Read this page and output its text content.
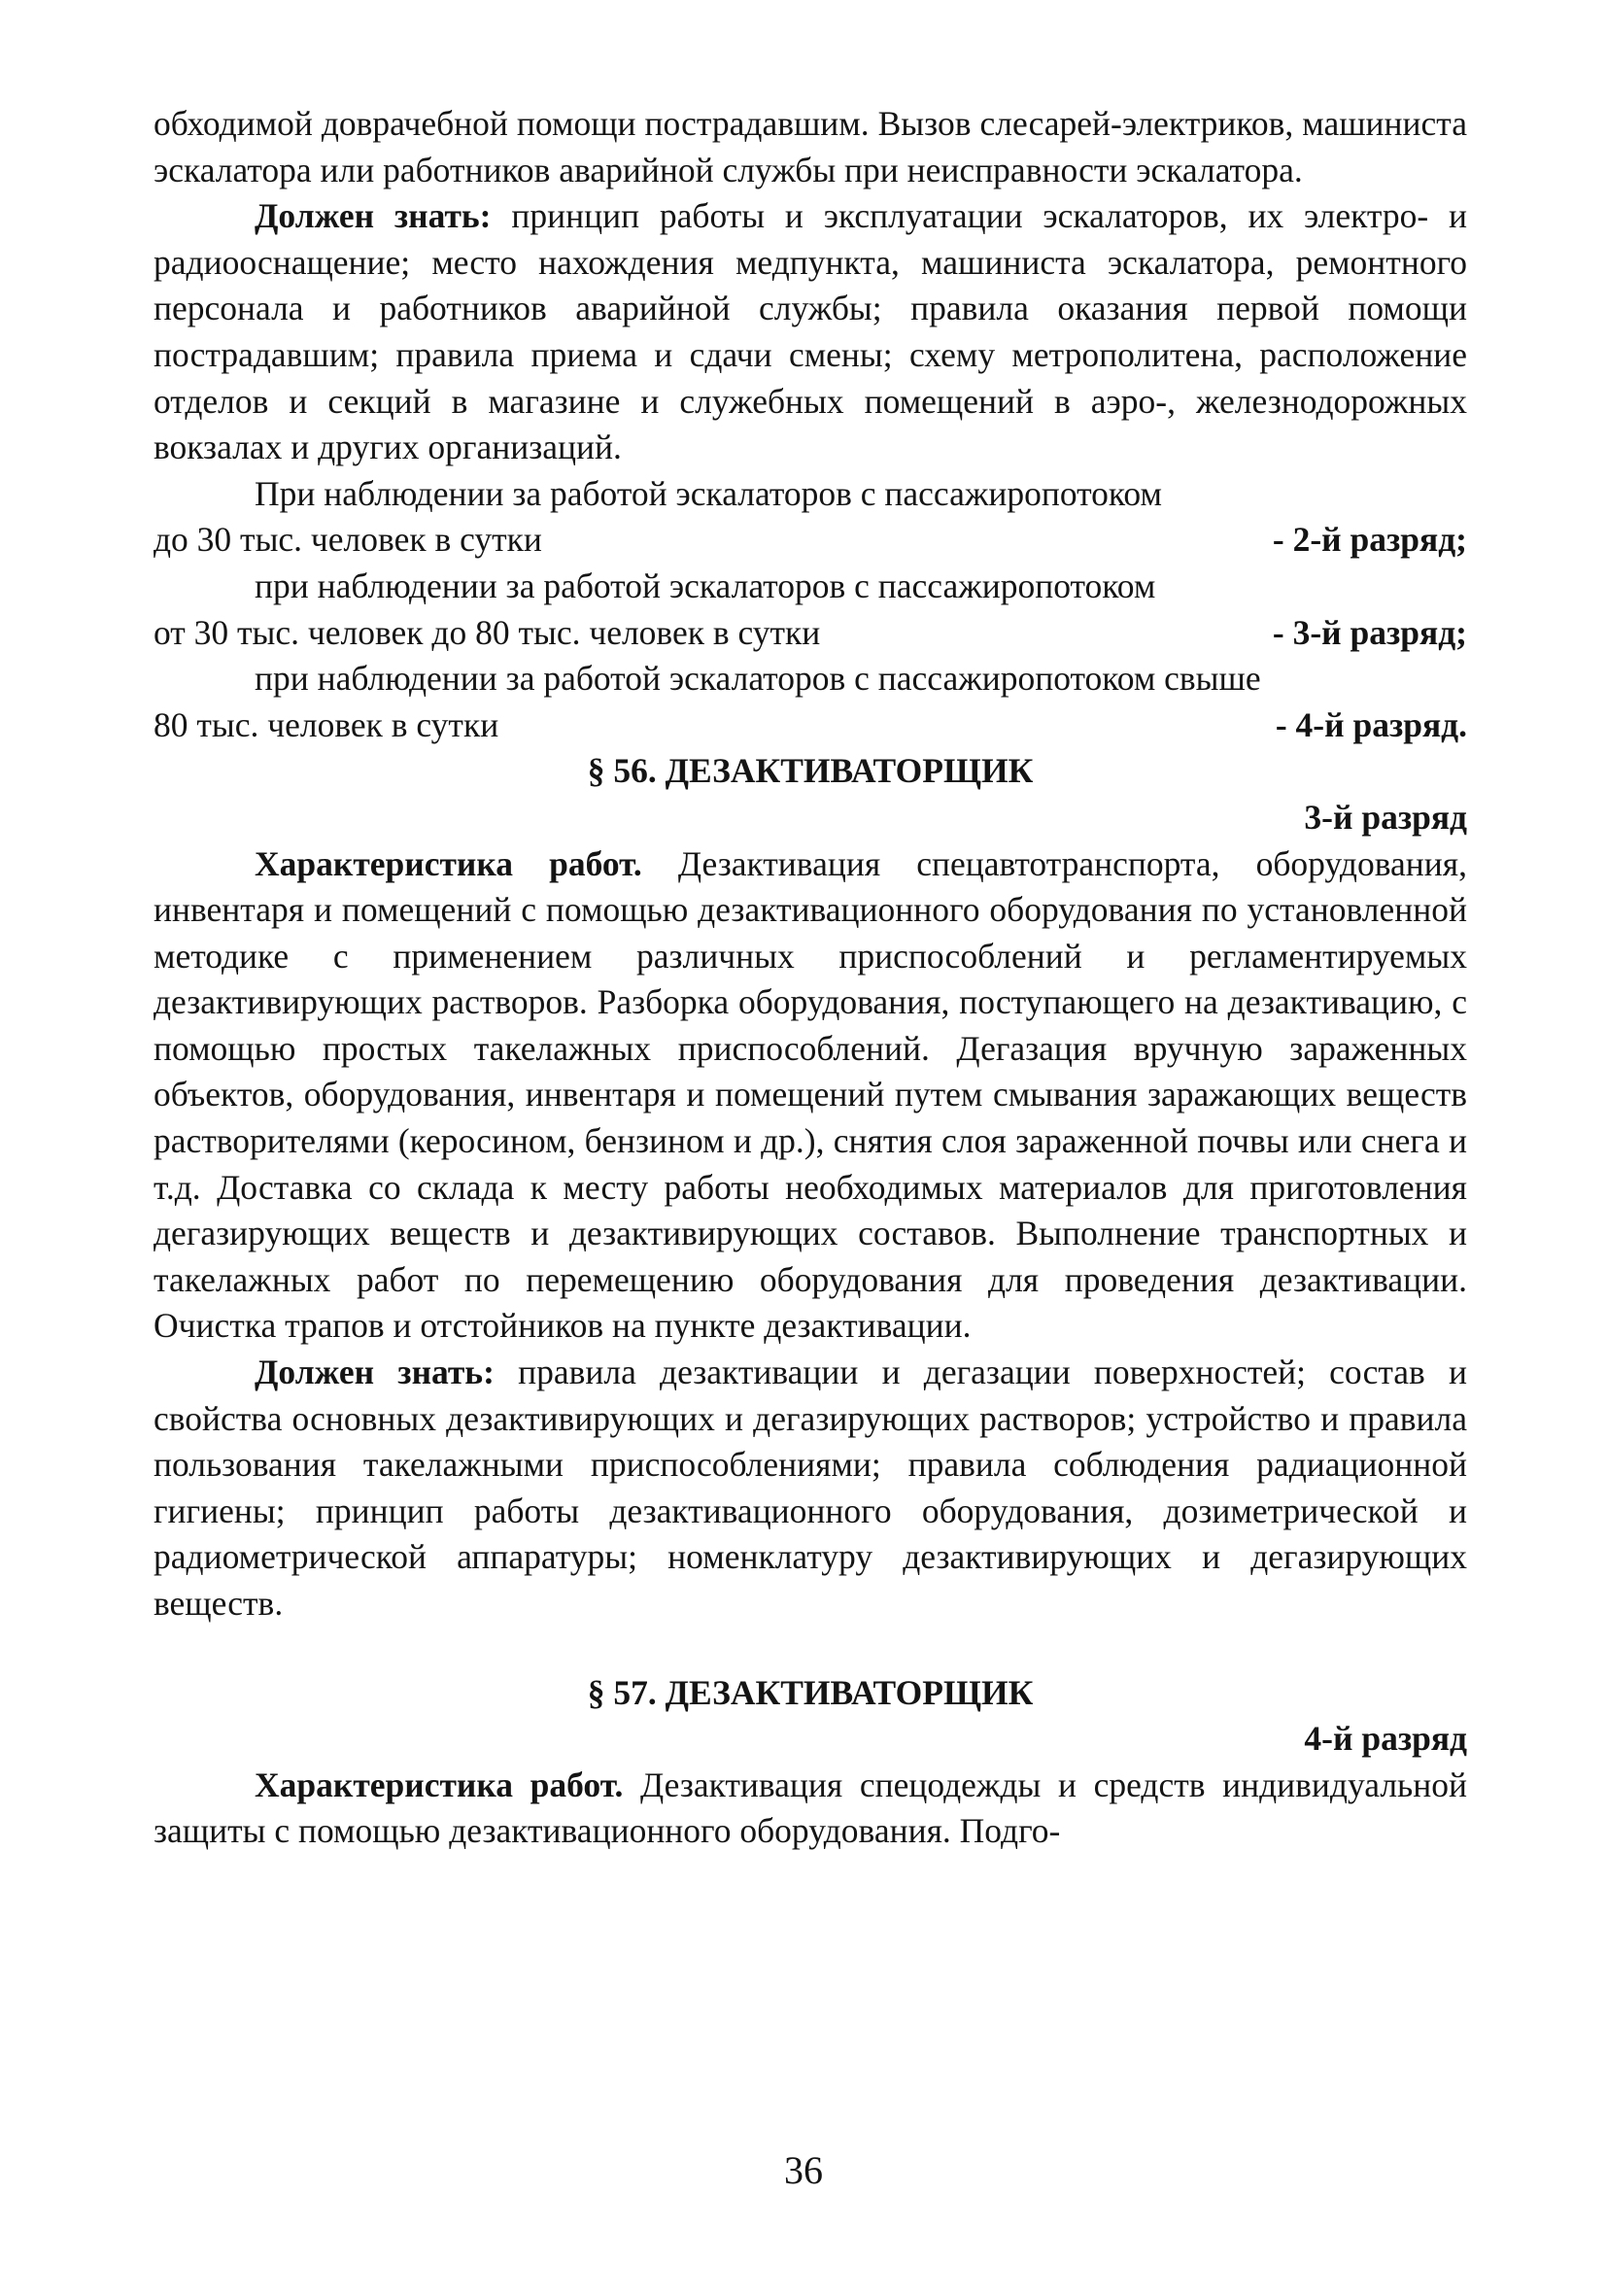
обходимой доврачебной помощи пострадавшим. Вызов слесарей-электриков, машиниста эскалатора или работников аварийной службы при неисправности эскалатора.

Должен знать: принцип работы и эксплуатации эскалаторов, их электро- и радиооснащение; место нахождения медпункта, машиниста эскалатора, ремонтного персонала и работников аварийной службы; правила оказания первой помощи пострадавшим; правила приема и сдачи смены; схему метрополитена, расположение отделов и секций в магазине и служебных помещений в аэро-, железнодорожных вокзалах и других организаций.

При наблюдении за работой эскалаторов с пассажиропотоком

до 30 тыс. человек в сутки	- 2-й разряд;

при наблюдении за работой эскалаторов с пассажиропотоком

от 30 тыс. человек до 80 тыс. человек в сутки	- 3-й разряд;

при наблюдении за работой эскалаторов с пассажиропотоком свыше

80 тыс. человек в сутки	- 4-й разряд.
§ 56. ДЕЗАКТИВАТОРЩИК
3-й разряд

Характеристика работ. Дезактивация спецавтотранспорта, оборудования, инвентаря и помещений с помощью дезактивационного оборудования по установленной методике с применением различных приспособлений и регламентируемых дезактивирующих растворов. Разборка оборудования, поступающего на дезактивацию, с помощью простых такелажных приспособлений. Дегазация вручную зараженных объектов, оборудования, инвентаря и помещений путем смывания заражающих веществ растворителями (керосином, бензином и др.), снятия слоя зараженной почвы или снега и т.д. Доставка со склада к месту работы необходимых материалов для приготовления дегазирующих веществ и дезактивирующих составов. Выполнение транспортных и такелажных работ по перемещению оборудования для проведения дезактивации. Очистка трапов и отстойников на пункте дезактивации.

Должен знать: правила дезактивации и дегазации поверхностей; состав и свойства основных дезактивирующих и дегазирующих растворов; устройство и правила пользования такелажными приспособлениями; правила соблюдения радиационной гигиены; принцип работы дезактивационного оборудования, дозиметрической и радиометрической аппаратуры; номенклатуру дезактивирующих и дегазирующих веществ.

§ 57. ДЕЗАКТИВАТОРЩИК
4-й разряд

Характеристика работ. Дезактивация спецодежды и средств индивидуальной защиты с помощью дезактивационного оборудования. Подго-

36
